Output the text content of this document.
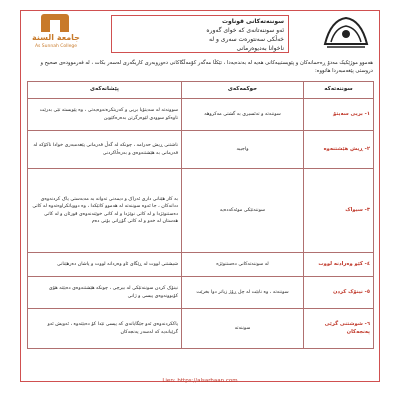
جامعة السنة
As Sunnah College
سوننەتەکانی قوناوت
ئەو سوننەتانەی کە خوای گەورە
خەڵکی سەنتورەت سەری و لە
ناخوانا بەدیوەرمانی
هەموو موژێکیک مەدۆ ڕەحمانەکان و پێویستییەکانی هەیە لە بەندەیەدا ، تێکڵا مەگەر کۆمەڵگاکانی دەوروبەری کاریگەری لەسەر بکات ، لە فەرموودەی صحیح و دروستی پێغەمبەردا هاتووە:
سوننەتەکە	حوکمەکەی	پێشانەکەی
١- بریی سەیتۆ	سوننەتە و تەئسیری بە گشتی مەکروهە	سوونەتە لە سەیتۆبا بریی و کەریتکرەنەوەیەتی ، وە پێویستە تێی بدرێت تاوەکو سوودی لێوەرگرتن بدەرەکێوین
٢- ڕیش هێشتنەوە	واجیبە	ناشتنی ڕیش حەرامە ، چونکە لە گەڵ فەرمانی پێغەمبەری خوادا ناکۆکە لە فەرمانی بە هێشتنەوەی و بەرەڵاکردنی
٣- سیواک	سوننەتێکی موئەکەدەیە	بە کار هێنانی داری ئەراک و دیمەنی تەوانە بە مەبەستی پاک کردنەوەی ددانەکان ، جا ئەوە سوننەتە لە هەموو کاتێکدا ، وە دووپاتکراوەتەوە لە کاتی دەستنوێژدا و لە کاتی نوێژدا و لە کاتی خوێندنەوەی قورئان و لە کاتی هەستان لە خەو و لە کاتی گۆڕانی بۆنی دەم
٤- کێو وەرادنە لووت	لە سوننەتەکانی دەستنوێژە	شیشتنی لووت لە ڕێگای ئاو وەردانە لووت و پاشان دەرهێنانی
٥- نینۆک کردن	سوننەتە ، وە نابێت لە چل ڕۆژ زیاتر دوا بخرێت	نینۆک کردن سوننەتێکی لە بیرچی ، چونکە هێشتنەوەی دەبێتە هۆی کۆبوونەوەی پیسی و ژانی
٦- شوشتنی گرێی پەنجەکان	سوننەتە	پاککردنەوەی ئەو جێگایانەی کە پیسی تێدا کۆ دەبێتەوە ، ئەویش ئەو گرێیانەیە کە لەسەر پەنجەکان
Lien: https://alsarhaan.com
